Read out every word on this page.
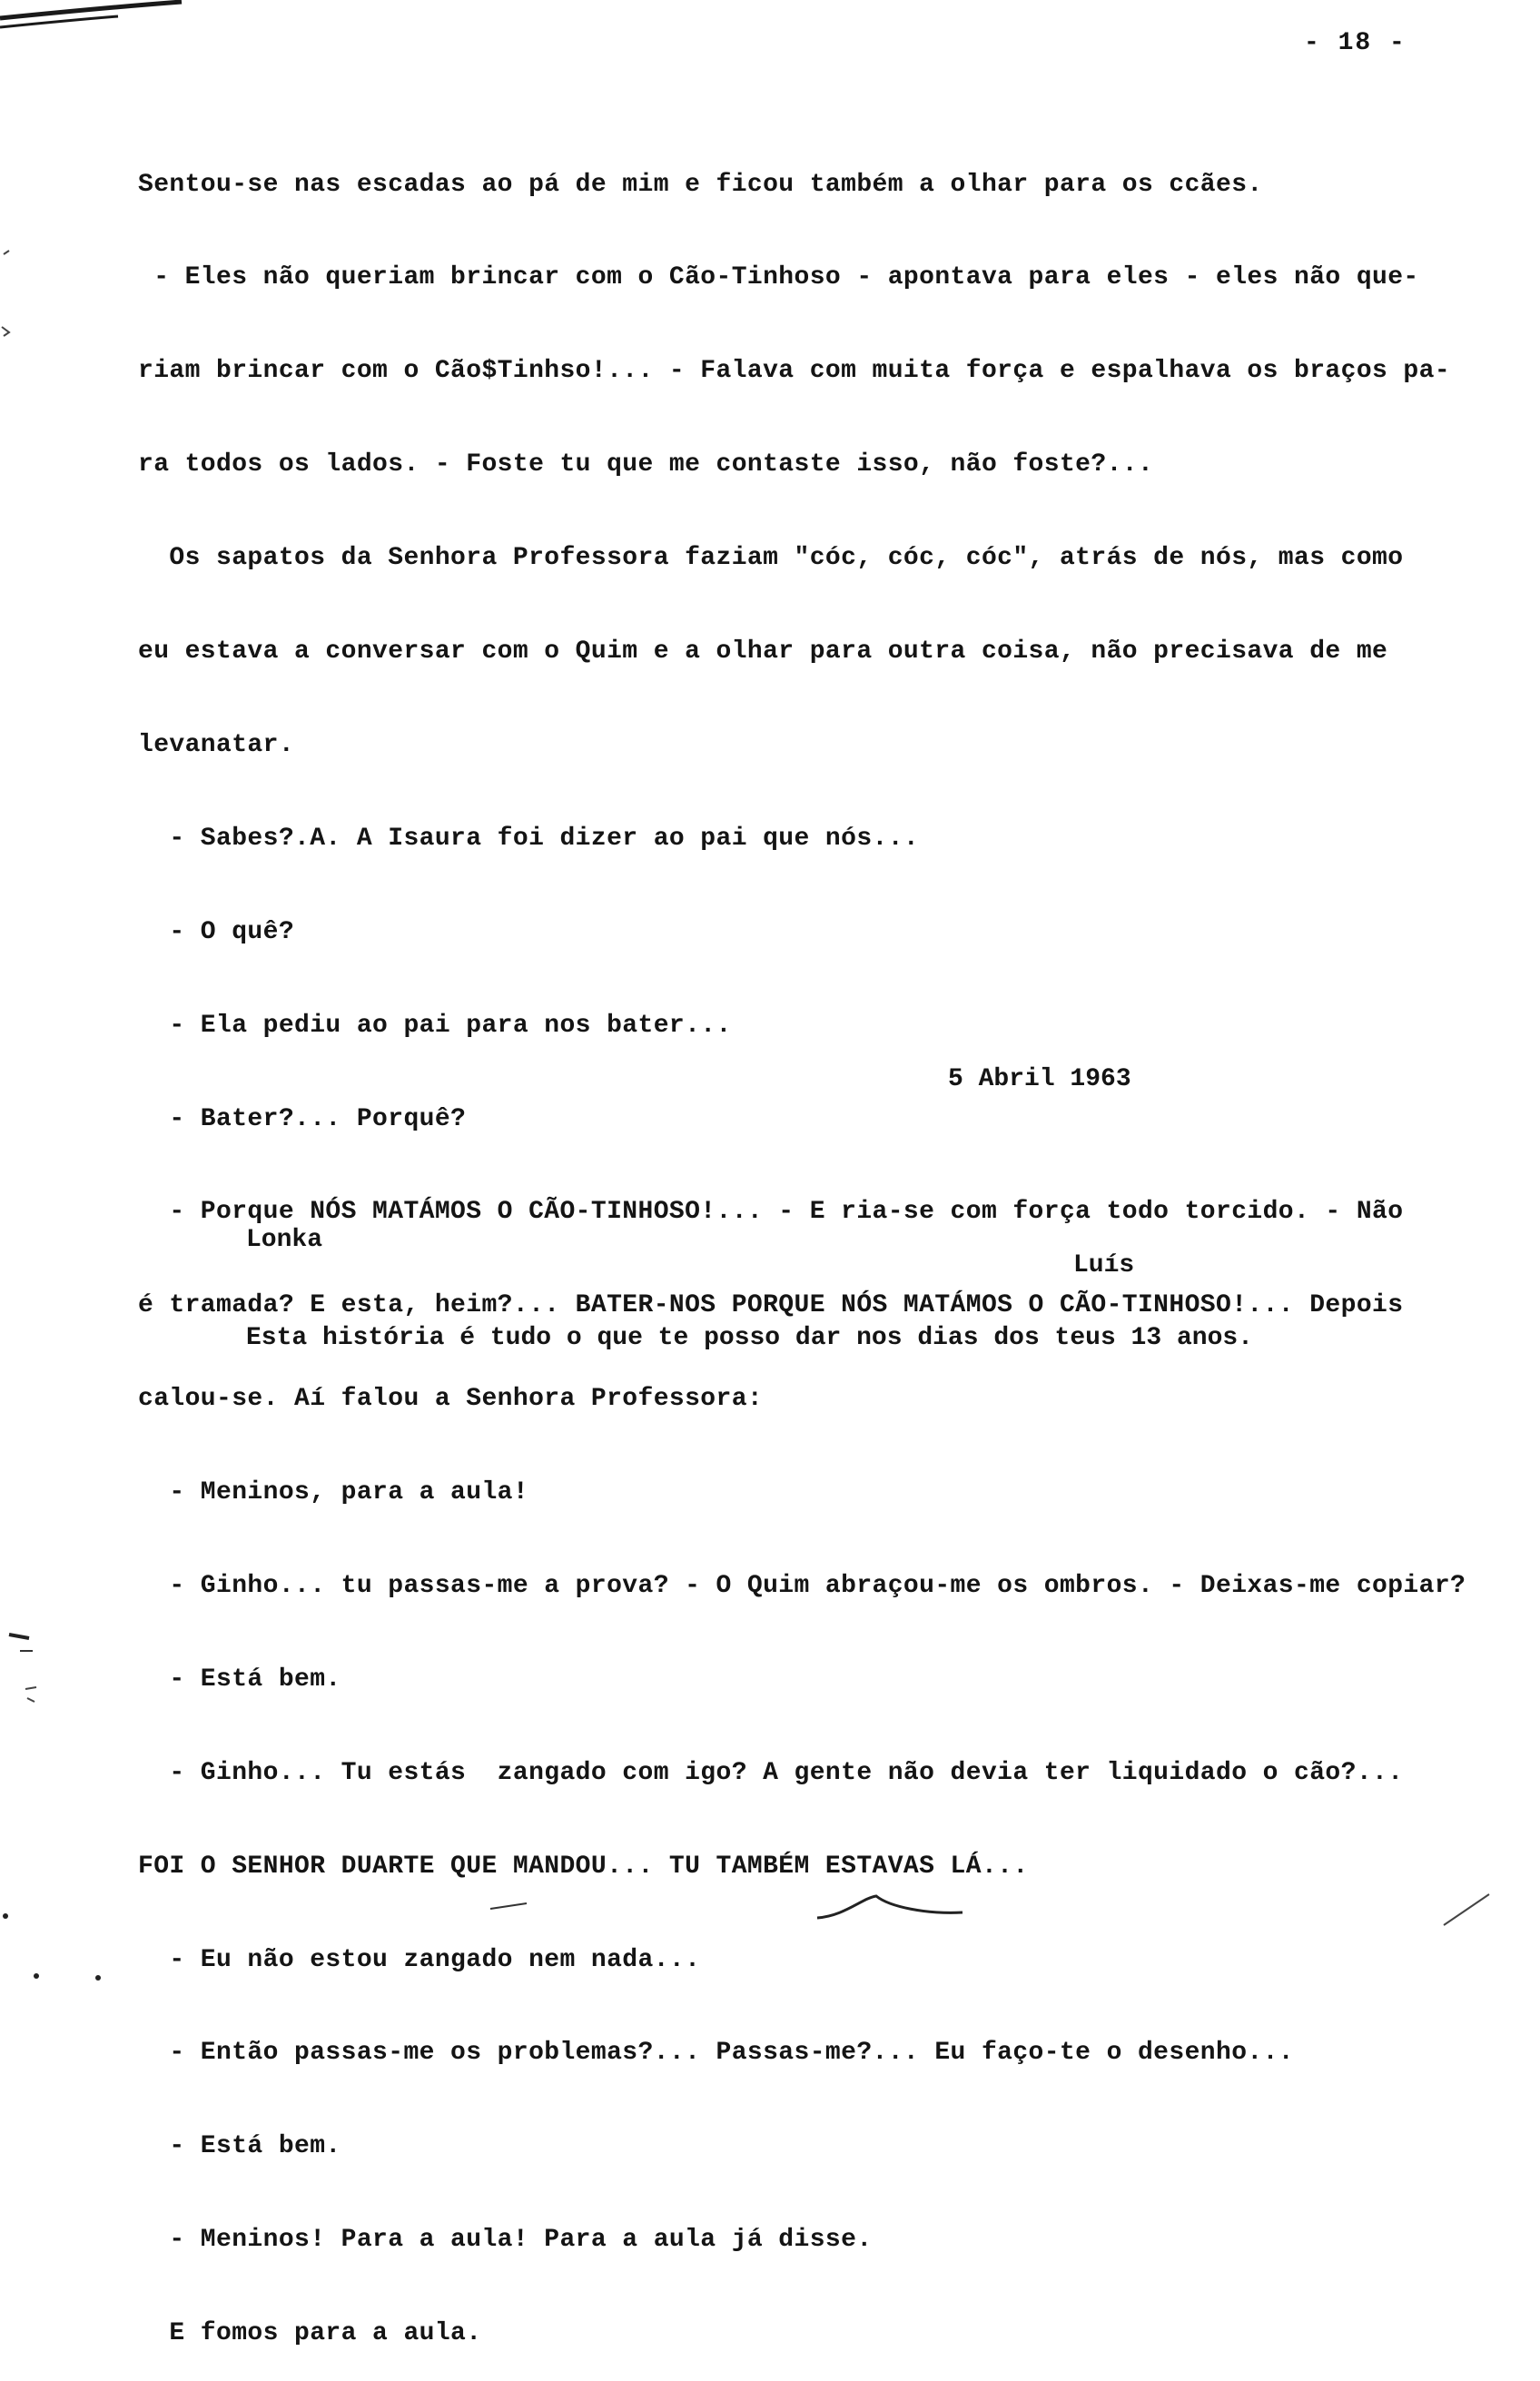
- 18 -

Sentou-se nas escadas ao pá de mim e ficou também a olhar para os ccães.

- Eles não queriam brincar com o Cão-Tinhoso - apontava para eles - eles não que-

riam brincar com o Cão$Tinhso!... - Falava com muita força e espalhava os braços pa-

ra todos os lados. - Foste tu que me contaste isso, não foste?...

Os sapatos da Senhora Professora faziam "cóc, cóc, cóc", atrás de nós, mas como

eu estava a conversar com o Quim e a olhar para outra coisa, não precisava de me

levanatar.

- Sabes?.A. A Isaura foi dizer ao pai que nós...

- O quê?

- Ela pediu ao pai para nos bater...

- Bater?... Porquê?

- Porque NÓS MATÁMOS O CÃO-TINHOSO!... - E ria-se com força todo torcido. - Não

é tramada? E esta, heim?... BATER-NOS PORQUE NÓS MATÁMOS O CÃO-TINHOSO!... Depois

calou-se. Aí falou a Senhora Professora:

- Meninos, para a aula!

- Ginho... tu passas-me a prova? - O Quim abraçou-me os ombros. - Deixas-me copiar?

- Está bem.

- Ginho... Tu estás  zangado com igo? A gente não devia ter liquidado o cão?...

FOI O SENHOR DUARTE QUE MANDOU... TU TAMBÉM ESTAVAS LÁ...

- Eu não estou zangado nem nada...

- Então passas-me os problemas?... Passas-me?... Eu faço-te o desenho...

- Está bem.

- Meninos! Para a aula! Para a aula já disse.

E fomos para a aula.

5 Abril 1963

Lonka

Esta história é tudo o que te posso dar nos dias dos teus 13 anos.

Luís
